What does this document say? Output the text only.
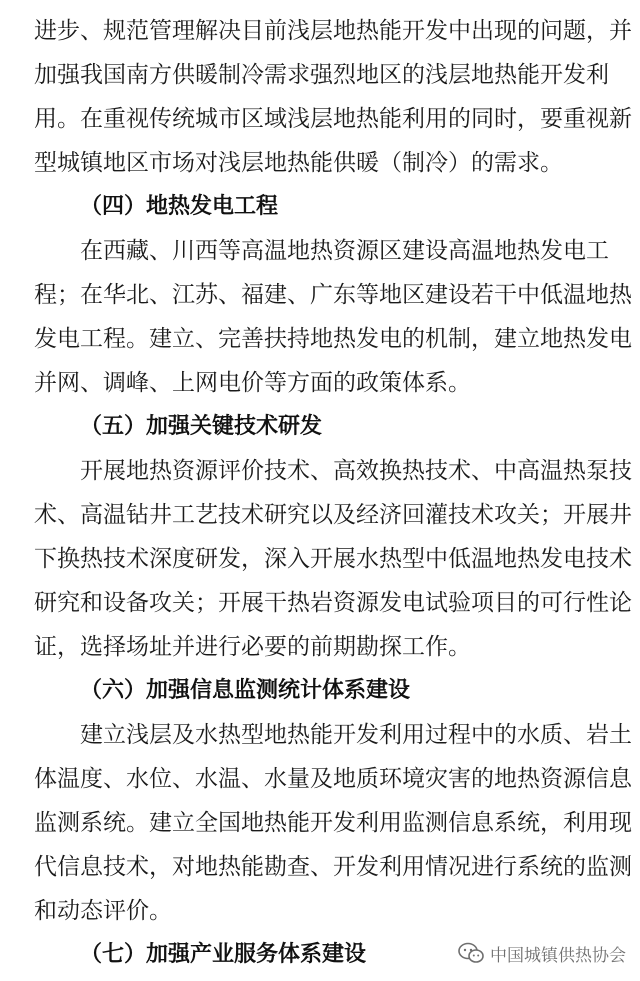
进步、规范管理解决目前浅层地热能开发中出现的问题，并
加强我国南方供暖制冷需求强烈地区的浅层地热能开发利
用。在重视传统城市区域浅层地热能利用的同时，要重视新
型城镇地区市场对浅层地热能供暖（制冷）的需求。
（四）地热发电工程
在西藏、川西等高温地热资源区建设高温地热发电工
程；在华北、江苏、福建、广东等地区建设若干中低温地热
发电工程。建立、完善扶持地热发电的机制，建立地热发电
并网、调峰、上网电价等方面的政策体系。
（五）加强关键技术研发
开展地热资源评价技术、高效换热技术、中高温热泵技
术、高温钻井工艺技术研究以及经济回灌技术攻关；开展井
下换热技术深度研发，深入开展水热型中低温地热发电技术
研究和设备攻关；开展干热岩资源发电试验项目的可行性论
证，选择场址并进行必要的前期勘探工作。
（六）加强信息监测统计体系建设
建立浅层及水热型地热能开发利用过程中的水质、岩土
体温度、水位、水温、水量及地质环境灾害的地热资源信息
监测系统。建立全国地热能开发利用监测信息系统，利用现
代信息技术，对地热能勘查、开发利用情况进行系统的监测
和动态评价。
（七）加强产业服务体系建设	中国城镇供热协会
